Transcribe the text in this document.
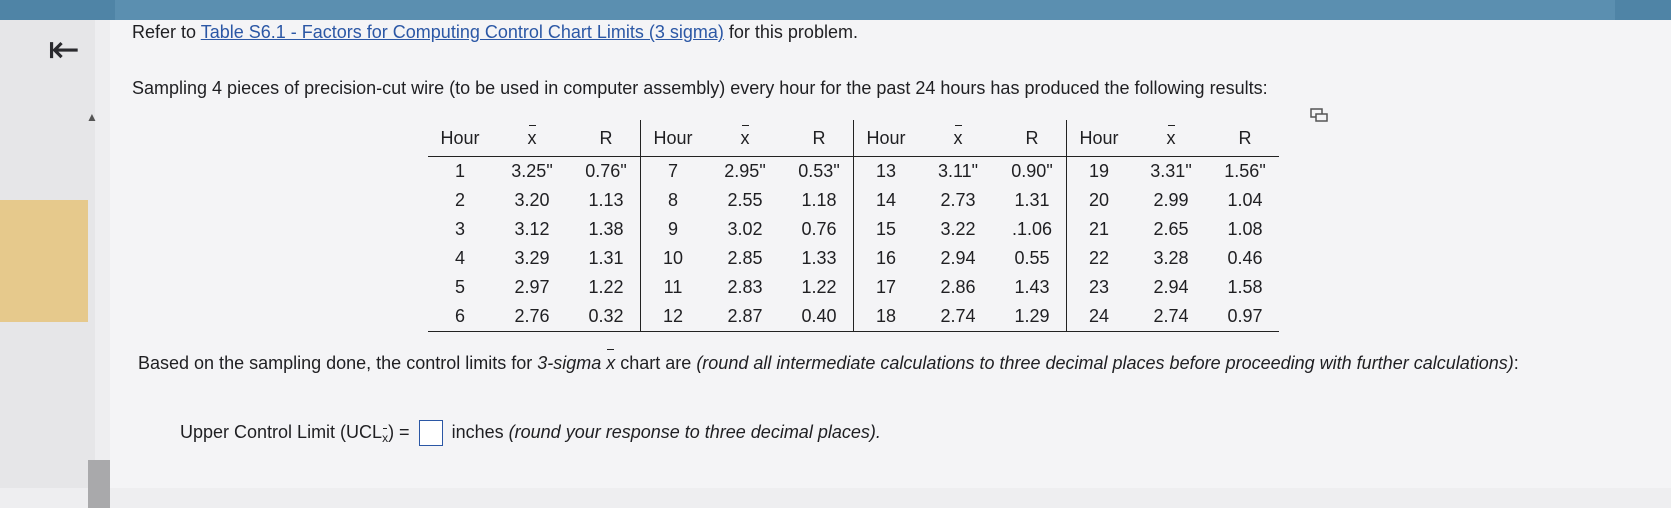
▲
⇤	Refer to Table S6.1 - Factors for Computing Control Chart Limits (3 sigma) for this problem.
Sampling 4 pieces of precision-cut wire (to be used in computer assembly) every hour for the past 24 hours has produced the following results:
Hour	x	R	Hour	x	R	Hour	x	R	Hour	x	R
1	3.25"	0.76"	7	2.95"	0.53"	13	3.11"	0.90"	19	3.31"	1.56"
2	3.20	1.13	8	2.55	1.18	14	2.73	1.31	20	2.99	1.04
3	3.12	1.38	9	3.02	0.76	15	3.22	.1.06	21	2.65	1.08
4	3.29	1.31	10	2.85	1.33	16	2.94	0.55	22	3.28	0.46
5	2.97	1.22	11	2.83	1.22	17	2.86	1.43	23	2.94	1.58
6	2.76	0.32	12	2.87	0.40	18	2.74	1.29	24	2.74	0.97
Based on the sampling done, the control limits for 3-sigma x chart are (round all intermediate calculations to three decimal places before proceeding with further calculations):
Upper Control Limit $(UCL_x)$ = inches (round your response to three decimal places).
